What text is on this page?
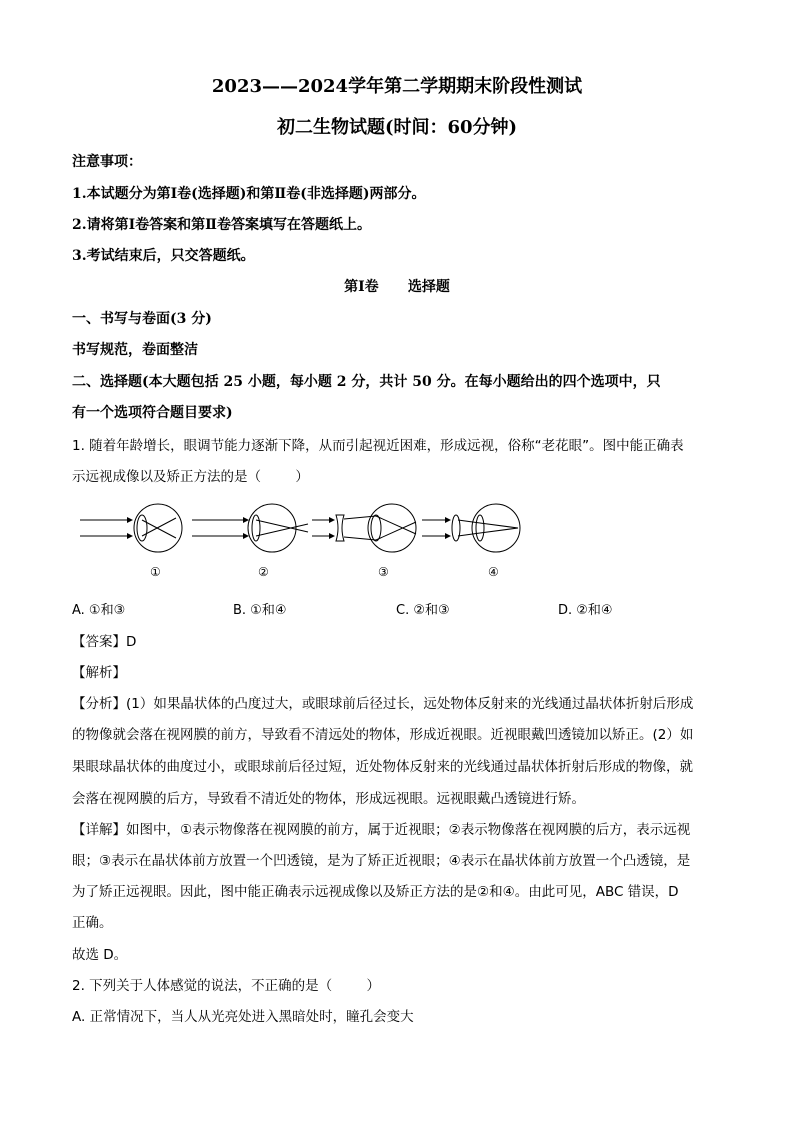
2023——2024学年第二学期期末阶段性测试
初二生物试题(时间：60分钟)
注意事项：
1.本试题分为第Ⅰ卷(选择题)和第Ⅱ卷(非选择题)两部分。
2.请将第Ⅰ卷答案和第Ⅱ卷答案填写在答题纸上。
3.考试结束后，只交答题纸。
第Ⅰ卷      选择题
一、书写与卷面(3 分)
书写规范，卷面整洁
二、选择题(本大题包括 25 小题，每小题 2 分，共计 50 分。在每小题给出的四个选项中，只
有一个选项符合题目要求)
1. 随着年龄增长，眼调节能力逐渐下降，从而引起视近困难，形成远视，俗称“老花眼”。图中能正确表
示远视成像以及矫正方法的是（        ）
①	②	③	④
A. ①和③	B. ①和④	C. ②和③	D. ②和④
【答案】D
【解析】
【分析】(1）如果晶状体的凸度过大，或眼球前后径过长，远处物体反射来的光线通过晶状体折射后形成
的物像就会落在视网膜的前方，导致看不清远处的物体，形成近视眼。近视眼戴凹透镜加以矫正。(2）如
果眼球晶状体的曲度过小，或眼球前后径过短，近处物体反射来的光线通过晶状体折射后形成的物像，就
会落在视网膜的后方，导致看不清近处的物体，形成远视眼。远视眼戴凸透镜进行矫。
【详解】如图中，①表示物像落在视网膜的前方，属于近视眼；②表示物像落在视网膜的后方，表示远视
眼；③表示在晶状体前方放置一个凹透镜，是为了矫正近视眼；④表示在晶状体前方放置一个凸透镜，是
为了矫正远视眼。因此，图中能正确表示远视成像以及矫正方法的是②和④。由此可见，ABC 错误，D
正确。
故选 D。
2. 下列关于人体感觉的说法，不正确的是（        ）
A. 正常情况下，当人从光亮处进入黑暗处时，瞳孔会变大
